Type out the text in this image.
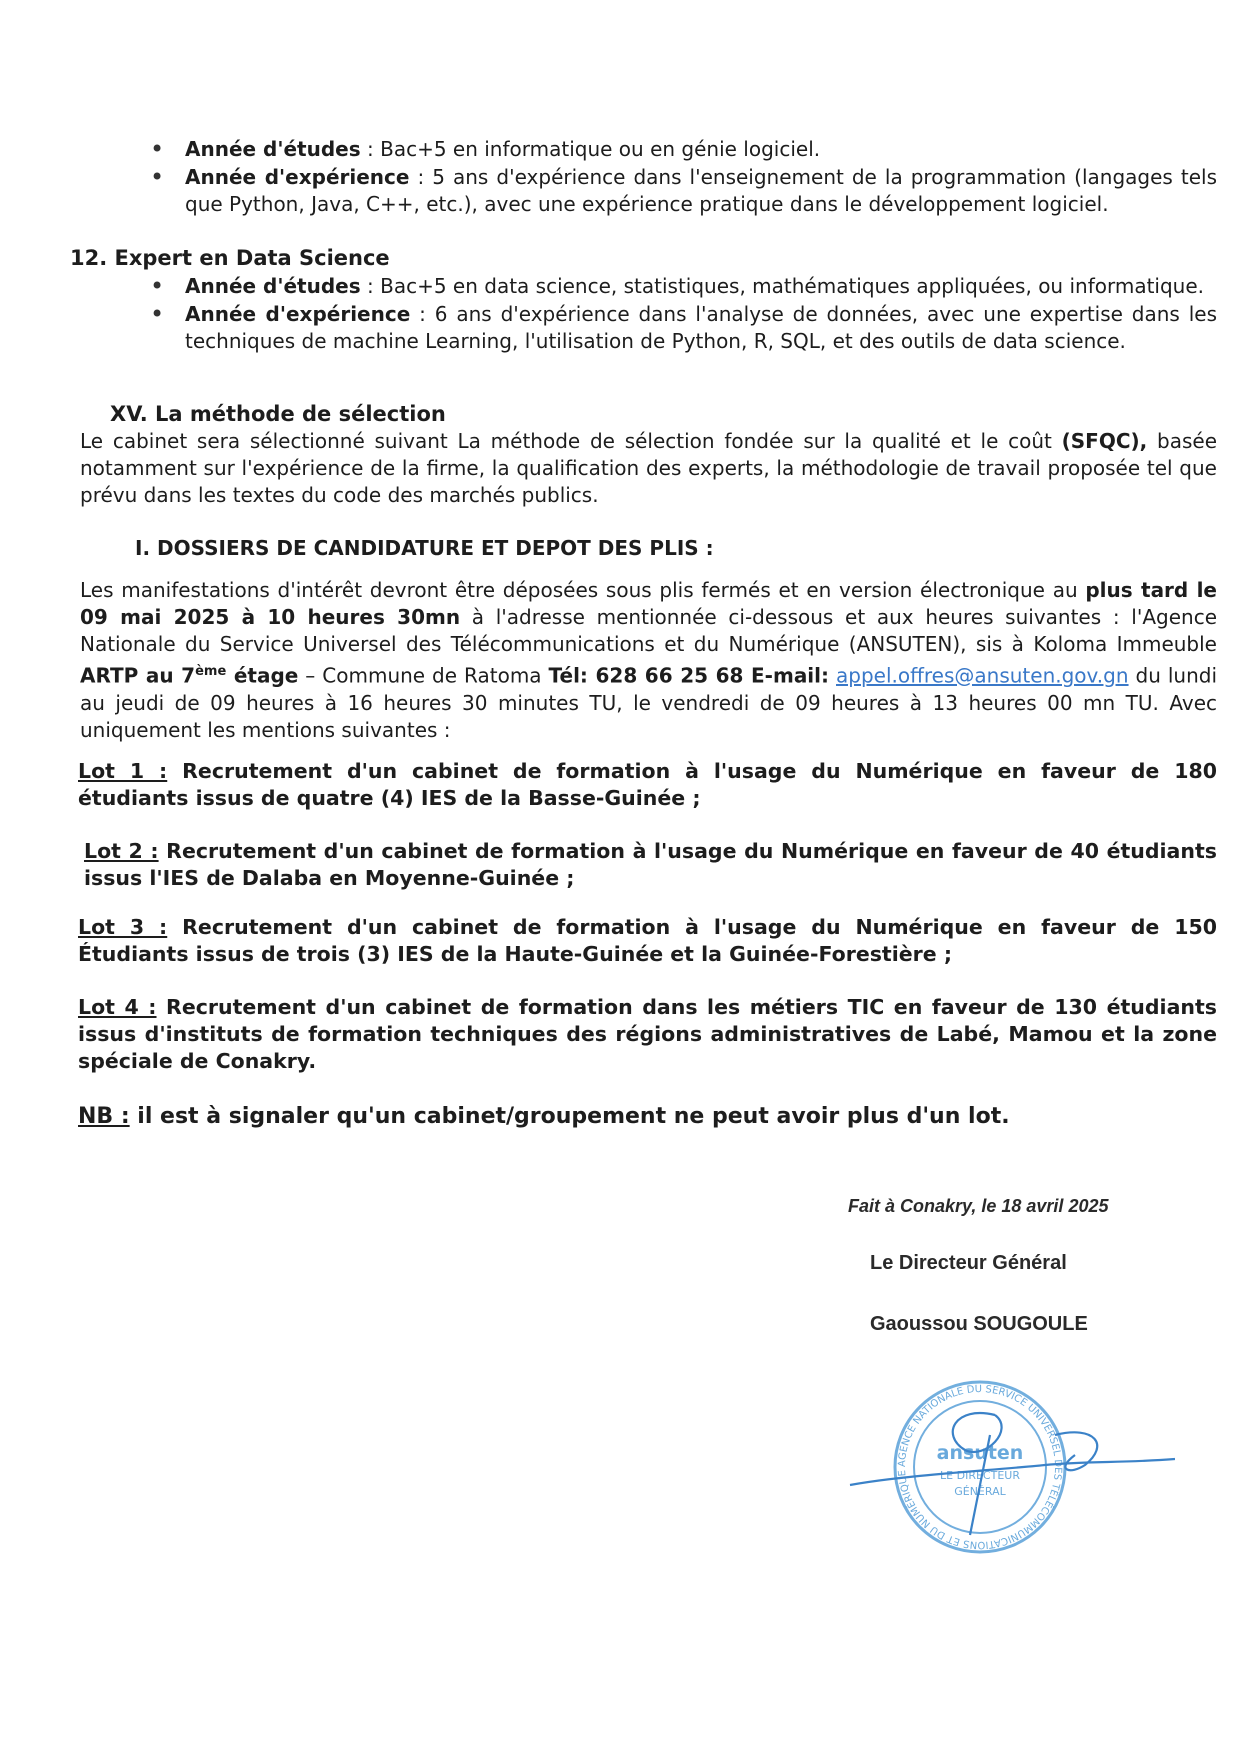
• Année d'études : Bac+5 en informatique ou en génie logiciel.
• Année d'expérience : 5 ans d'expérience dans l'enseignement de la programmation (langages tels que Python, Java, C++, etc.), avec une expérience pratique dans le développement logiciel.
12. Expert en Data Science
• Année d'études : Bac+5 en data science, statistiques, mathématiques appliquées, ou informatique.
• Année d'expérience : 6 ans d'expérience dans l'analyse de données, avec une expertise dans les techniques de machine Learning, l'utilisation de Python, R, SQL, et des outils de data science.
XV. La méthode de sélection

Le cabinet sera sélectionné suivant La méthode de sélection fondée sur la qualité et le coût (SFQC), basée notamment sur l'expérience de la firme, la qualification des experts, la méthodologie de travail proposée tel que prévu dans les textes du code des marchés publics.

I. DOSSIERS DE CANDIDATURE ET DEPOT DES PLIS :

Les manifestations d'intérêt devront être déposées sous plis fermés et en version électronique au plus tard le 09 mai 2025 à 10 heures 30mn à l'adresse mentionnée ci-dessous et aux heures suivantes : l'Agence Nationale du Service Universel des Télécommunications et du Numérique (ANSUTEN), sis à Koloma Immeuble ARTP au 7ème étage – Commune de Ratoma Tél: 628 66 25 68 E-mail: appel.offres@ansuten.gov.gn du lundi au jeudi de 09 heures à 16 heures 30 minutes TU, le vendredi de 09 heures à 13 heures 00 mn TU. Avec uniquement les mentions suivantes :

Lot 1 : Recrutement d'un cabinet de formation à l'usage du Numérique en faveur de 180 étudiants issus de quatre (4) IES de la Basse-Guinée ;

Lot 2 : Recrutement d'un cabinet de formation à l'usage du Numérique en faveur de 40 étudiants issus l'IES de Dalaba en Moyenne-Guinée ;

Lot 3 : Recrutement d'un cabinet de formation à l'usage du Numérique en faveur de 150 Étudiants issus de trois (3) IES de la Haute-Guinée et la Guinée-Forestière ;

Lot 4 : Recrutement d'un cabinet de formation dans les métiers TIC en faveur de 130 étudiants issus d'instituts de formation techniques des régions administratives de Labé, Mamou et la zone spéciale de Conakry.

NB : il est à signaler qu'un cabinet/groupement ne peut avoir plus d'un lot.

Fait à Conakry, le 18 avril 2025
Le Directeur Général
Gaoussou SOUGOULE
AGENCE NATIONALE DU SERVICE UNIVERSEL DES TÉLÉCOMMUNICATIONS ET DU NUMÉRIQUE
ansuten
LE DIRECTEUR
GÉNÉRAL
